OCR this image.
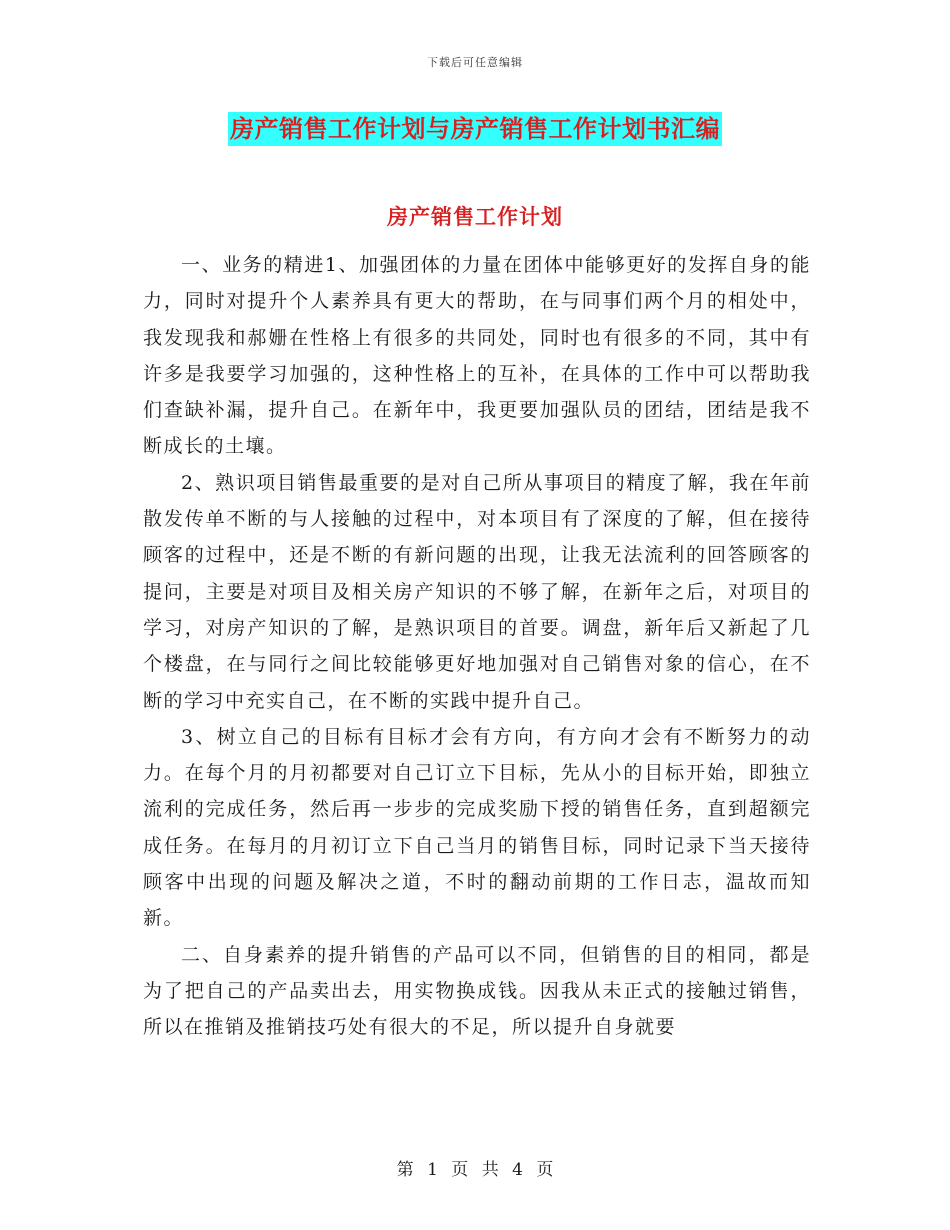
下载后可任意编辑
房产销售工作计划与房产销售工作计划书汇编
房产销售工作计划

一、业务的精进1、加强团体的力量在团体中能够更好的发挥自身的能力，同时对提升个人素养具有更大的帮助，在与同事们两个月的相处中，我发现我和郝姗在性格上有很多的共同处，同时也有很多的不同，其中有许多是我要学习加强的，这种性格上的互补，在具体的工作中可以帮助我们查缺补漏，提升自己。在新年中，我更要加强队员的团结，团结是我不断成长的土壤。

2、熟识项目销售最重要的是对自己所从事项目的精度了解，我在年前散发传单不断的与人接触的过程中，对本项目有了深度的了解，但在接待顾客的过程中，还是不断的有新问题的出现，让我无法流利的回答顾客的提问，主要是对项目及相关房产知识的不够了解，在新年之后，对项目的学习，对房产知识的了解，是熟识项目的首要。调盘，新年后又新起了几个楼盘，在与同行之间比较能够更好地加强对自己销售对象的信心，在不断的学习中充实自己，在不断的实践中提升自己。

3、树立自己的目标有目标才会有方向，有方向才会有不断努力的动力。在每个月的月初都要对自己订立下目标，先从小的目标开始，即独立流利的完成任务，然后再一步步的完成奖励下授的销售任务，直到超额完成任务。在每月的月初订立下自己当月的销售目标，同时记录下当天接待顾客中出现的问题及解决之道，不时的翻动前期的工作日志，温故而知新。

二、自身素养的提升销售的产品可以不同，但销售的目的相同，都是为了把自己的产品卖出去，用实物换成钱。因我从未正式的接触过销售，所以在推销及推销技巧处有很大的不足，所以提升自身就要

第 1 页 共 4 页
